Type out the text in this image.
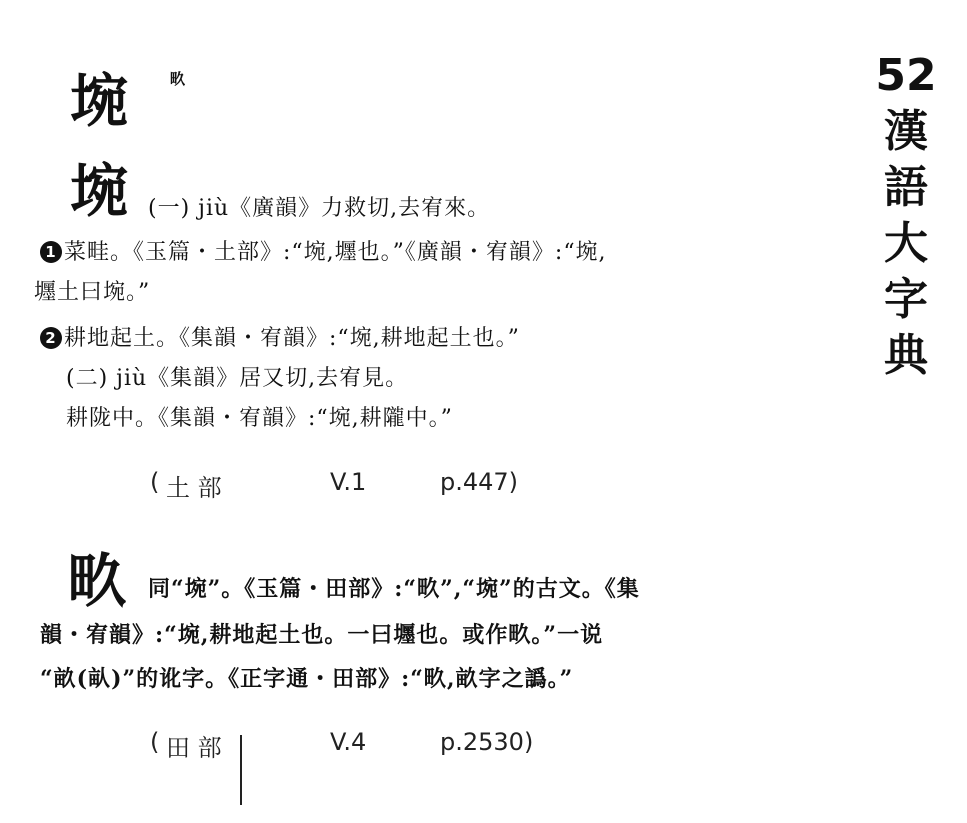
52
漢
語
大
字
典
埦	畂
埦 (一) jiù《廣韻》力救切,去宥來。
1 菜畦。《玉篇・土部》:“埦,壥也。”《廣韻・宥韻》:“埦,
壥土曰埦。”
2 耕地起土。《集韻・宥韻》:“埦,耕地起土也。”
(二) jiù《集韻》居又切,去宥見。
耕陇中。《集韻・宥韻》:“埦,耕隴中。”
( 土 部	V.1	p.447)
畂 同“埦”。《玉篇・田部》:“畂”,“埦”的古文。《集
韻・宥韻》:“埦,耕地起土也。一曰壥也。或作畂。”一说
“畝(畒)”的讹字。《正字通・田部》:“畂,畝字之譌。”
( 田 部	V.4	p.2530)
